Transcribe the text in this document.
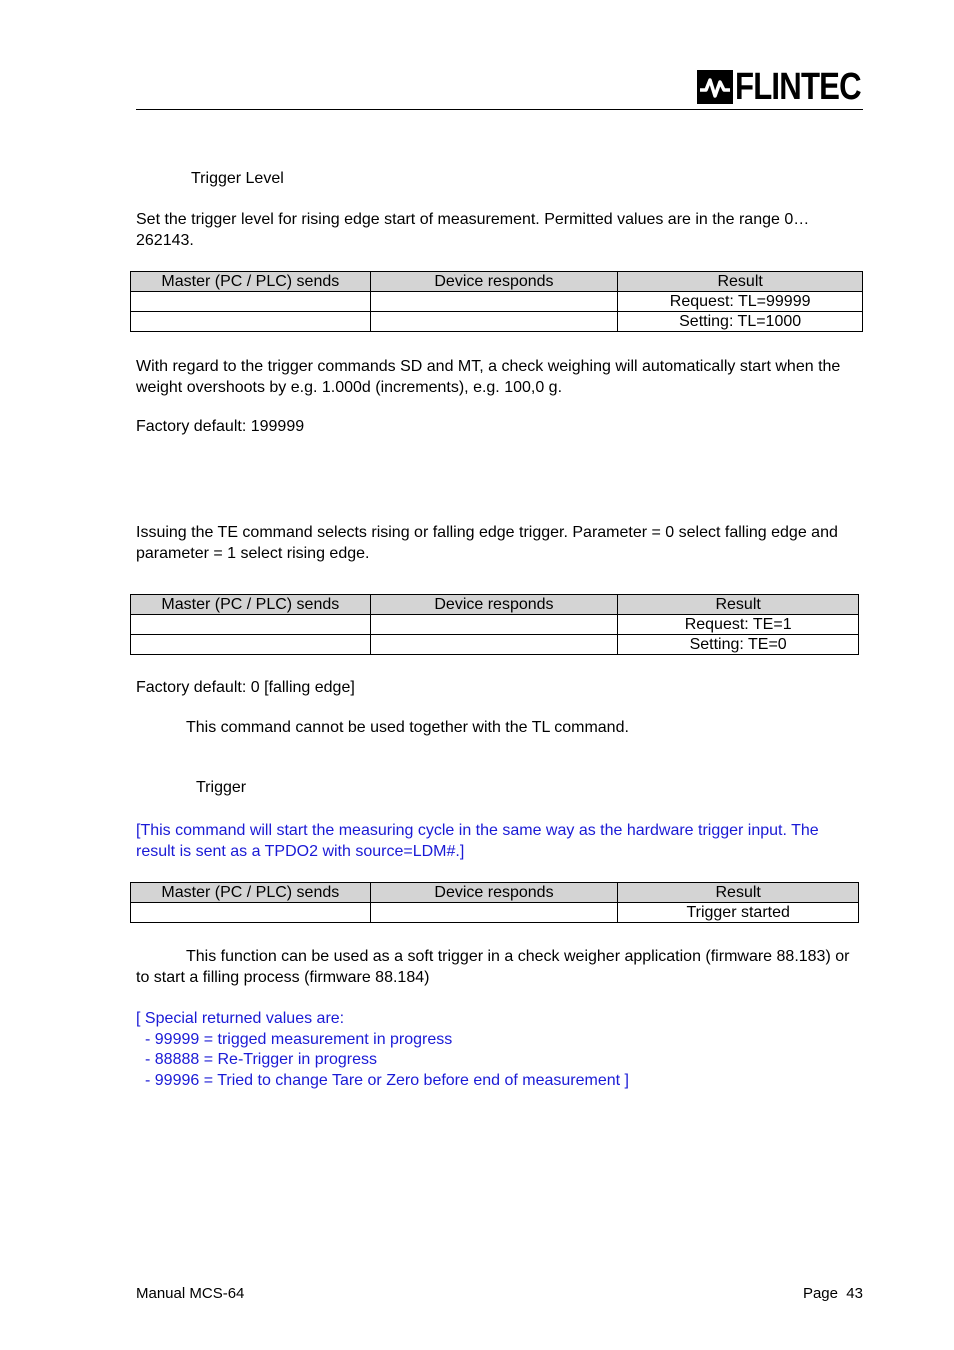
FLINTEC
Trigger Level
Set the trigger level for rising edge start of measurement. Permitted values are in the range 0…262143.
Master (PC / PLC) sends	Device responds	Result
		Request: TL=99999
		Setting: TL=1000
With regard to the trigger commands SD and MT, a check weighing will automatically start when the weight overshoots by e.g. 1.000d (increments), e.g. 100,0 g.
Factory default: 199999
Issuing the TE command selects rising or falling edge trigger. Parameter = 0 select falling edge and parameter = 1 select rising edge.
Master (PC / PLC) sends	Device responds	Result
		Request: TE=1
		Setting: TE=0
Factory default: 0 [falling edge]
This command cannot be used together with the TL command.
Trigger
[This command will start the measuring cycle in the same way as the hardware trigger input. The result is sent as a TPDO2 with source=LDM#.]
Master (PC / PLC) sends	Device responds	Result
		Trigger started
This function can be used as a soft trigger in a check weigher application (firmware 88.183) or to start a filling process (firmware 88.184)
[ Special returned values are:
- 99999 = trigged measurement in progress
- 88888 = Re-Trigger in progress
- 99996 = Tried to change Tare or Zero before end of measurement ]
Manual MCS-64	Page  43
